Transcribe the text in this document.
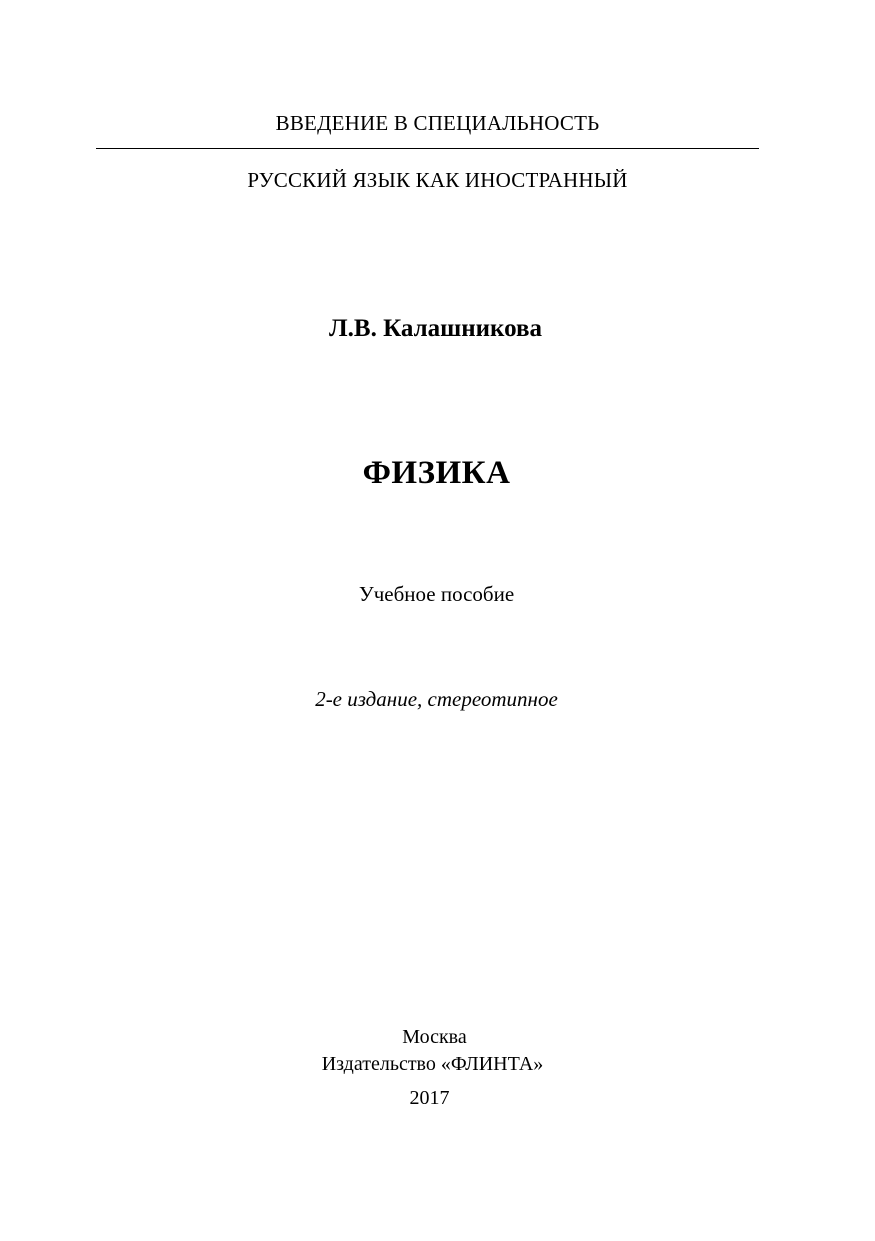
ВВЕДЕНИЕ В СПЕЦИАЛЬНОСТЬ
РУССКИЙ ЯЗЫК КАК ИНОСТРАННЫЙ
Л.В. Калашникова
ФИЗИКА
Учебное пособие
2-е издание, стереотипное
Москва
Издательство «ФЛИНТА»
2017
